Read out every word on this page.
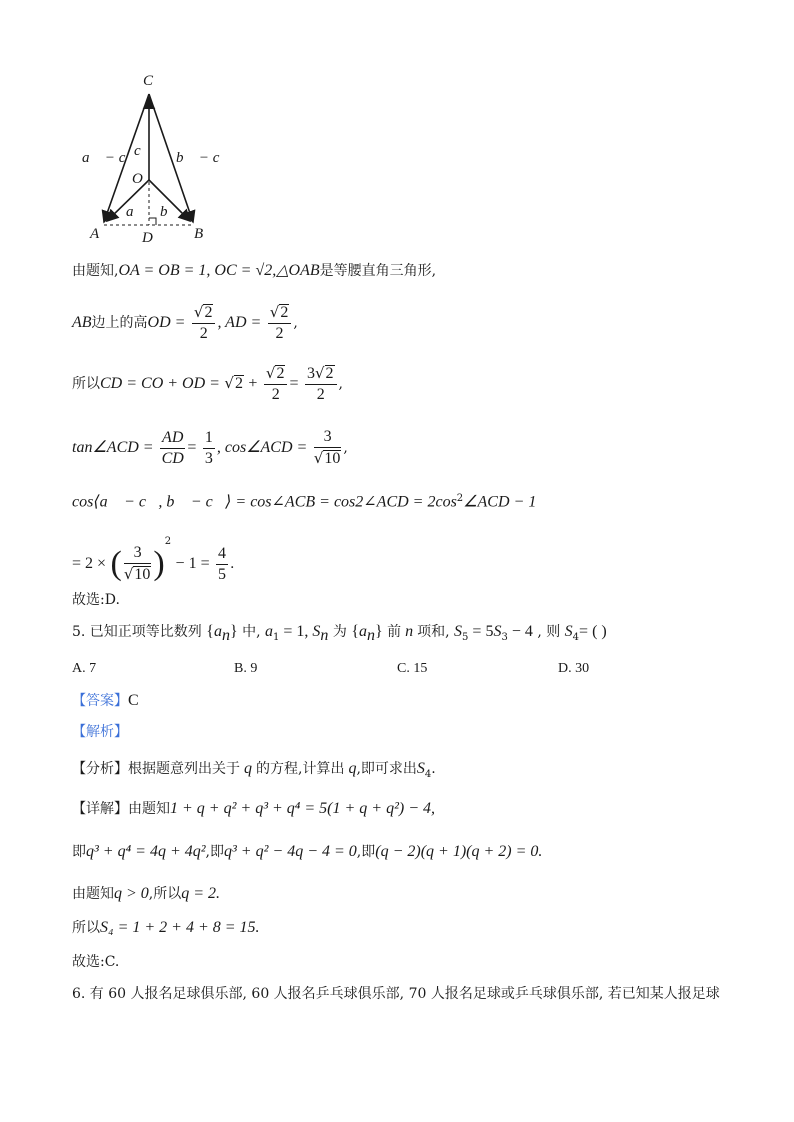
C
O
A	B
D
a⃗ − c⃗
c⃗ b⃗ − c⃗
a⃗ b⃗
由题知,OA = OB = 1, OC = √2,△OAB是等腰直角三角形,
AB边上的高OD = $\frac{√2}{2}$ , AD = $\frac{√2}{2}$ ,
所以CD = CO + OD = $√2 + \frac{√2}{2} = \frac{3√2}{2}$ ,
tan∠ACD = $\frac{AD}{CD} = \frac{1}{3}$ , cos∠ACD = $\frac{3}{√10}$ ,
cos⟨a⃗ − c⃗, b⃗ − c⃗⟩ = cos∠ACB = cos2∠ACD = $2\cos^2\angle ACD - 1$
= 2 × ( $\frac{3}{√10} )^2 - 1 = \frac{4}{5}$ .
故选:D.
5. 已知正项等比数列 $\{a_n\}$ 中, $a_1 = 1$, $S_n$ 为 $\{a_n\}$ 前 n 项和, $S_5 = 5S_3 - 4$ , 则 $S_4=$ ( )
A. 7	B. 9	C. 15	D. 30
【答案】C
【解析】
【分析】根据题意列出关于 q 的方程,计算出 q,即可求出$S_4$.
【详解】由题知1 + q + q² + q³ + q⁴ = 5(1 + q + q²) − 4,
即q³ + q⁴ = 4q + 4q²,即q³ + q² − 4q − 4 = 0,即(q − 2)(q + 1)(q + 2) = 0.
由题知q > 0,所以q = 2.
所以S₄ = 1 + 2 + 4 + 8 = 15.
故选:C.
6. 有 60 人报名足球俱乐部, 60 人报名乒乓球俱乐部, 70 人报名足球或乒乓球俱乐部, 若已知某人报足球
